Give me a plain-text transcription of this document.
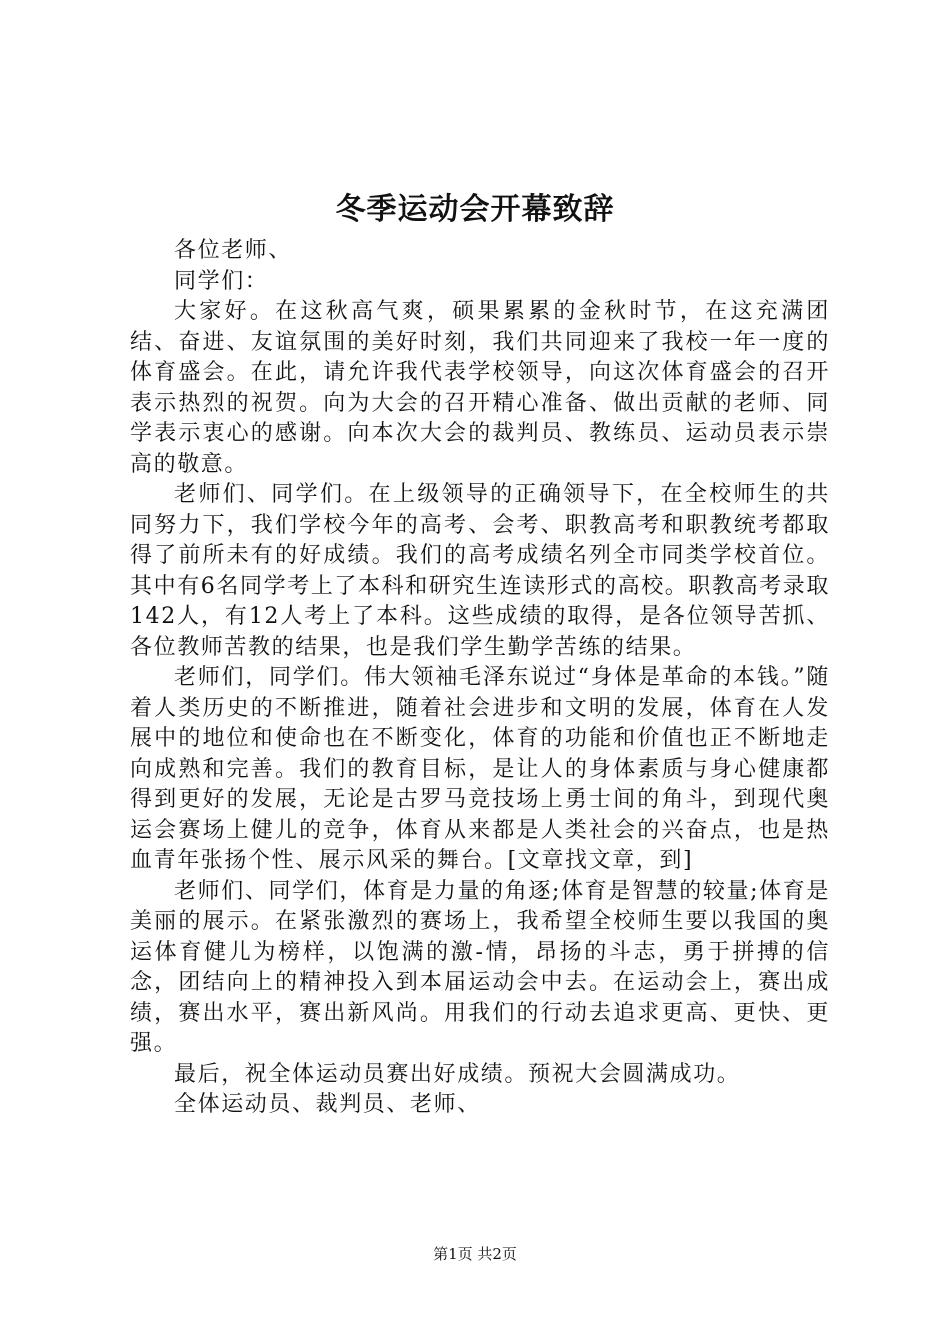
冬季运动会开幕致辞

各位老师、

同学们：

大家好。在这秋高气爽，硕果累累的金秋时节，在这充满团结、奋进、友谊氛围的美好时刻，我们共同迎来了我校一年一度的体育盛会。在此，请允许我代表学校领导，向这次体育盛会的召开表示热烈的祝贺。向为大会的召开精心准备、做出贡献的老师、同学表示衷心的感谢。向本次大会的裁判员、教练员、运动员表示崇高的敬意。

老师们、同学们。在上级领导的正确领导下，在全校师生的共同努力下，我们学校今年的高考、会考、职教高考和职教统考都取得了前所未有的好成绩。我们的高考成绩名列全市同类学校首位。其中有6名同学考上了本科和研究生连读形式的高校。职教高考录取142人，有12人考上了本科。这些成绩的取得，是各位领导苦抓、各位教师苦教的结果，也是我们学生勤学苦练的结果。

老师们，同学们。伟大领袖毛泽东说过“身体是革命的本钱。”随着人类历史的不断推进，随着社会进步和文明的发展，体育在人发展中的地位和使命也在不断变化，体育的功能和价值也正不断地走向成熟和完善。我们的教育目标，是让人的身体素质与身心健康都得到更好的发展，无论是古罗马竞技场上勇士间的角斗，到现代奥运会赛场上健儿的竞争，体育从来都是人类社会的兴奋点，也是热血青年张扬个性、展示风采的舞台。[文章找文章，到]

老师们、同学们，体育是力量的角逐;体育是智慧的较量;体育是美丽的展示。在紧张激烈的赛场上，我希望全校师生要以我国的奥运体育健儿为榜样，以饱满的激-情，昂扬的斗志，勇于拼搏的信念，团结向上的精神投入到本届运动会中去。在运动会上，赛出成绩，赛出水平，赛出新风尚。用我们的行动去追求更高、更快、更强。

最后，祝全体运动员赛出好成绩。预祝大会圆满成功。

全体运动员、裁判员、老师、

第1页 共2页
